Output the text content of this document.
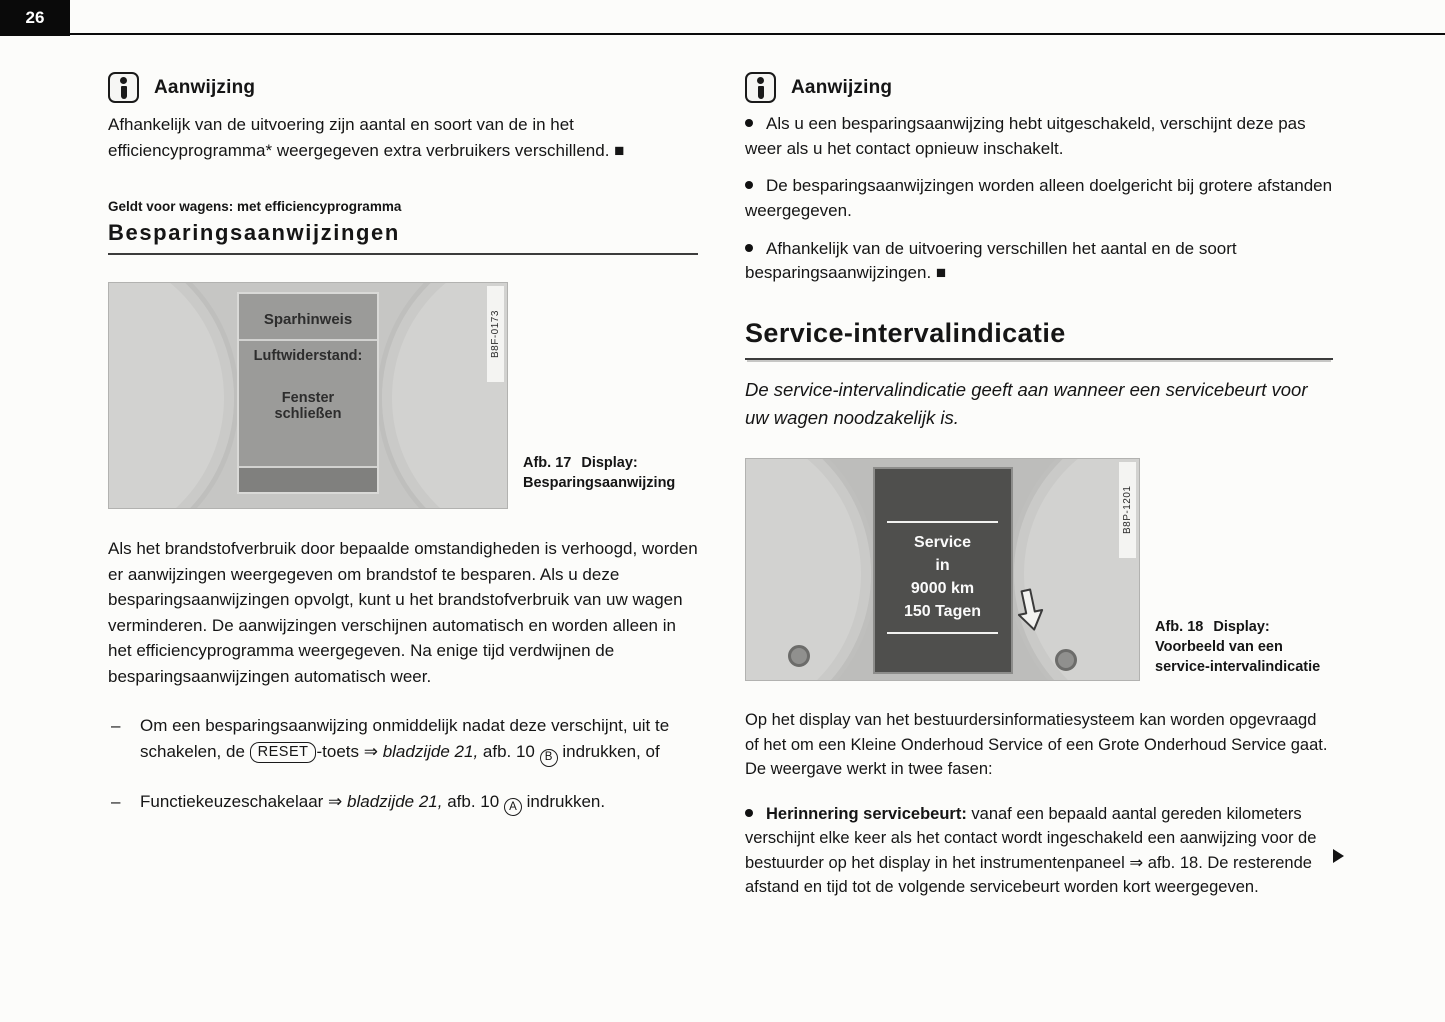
26
Aanwijzing

Afhankelijk van de uitvoering zijn aantal en soort van de in het efficiencyprogramma* weergegeven extra verbruikers verschillend. ■

Geldt voor wagens: met efficiencyprogramma

Besparingsaanwijzingen
Sparhinweis
Luftwiderstand:
Fenster
schließen
B8F-0173
Afb. 17 Display: Besparingsaanwijzing

Als het brandstofverbruik door bepaalde omstandigheden is verhoogd, worden er aanwijzingen weergegeven om brandstof te besparen. Als u deze besparingsaanwijzingen opvolgt, kunt u het brandstofverbruik van uw wagen verminderen. De aanwijzingen verschijnen automatisch en worden alleen in het efficiencyprogramma weergegeven. Na enige tijd verdwijnen de besparingsaanwijzingen automatisch weer.

– Om een besparingsaanwijzing onmiddelijk nadat deze verschijnt, uit te schakelen, de RESET -toets ⇒ bladzijde 21, afb. 10 B indrukken, of
– Functiekeuzeschakelaar ⇒ bladzijde 21, afb. 10 A indrukken.
Aanwijzing
Als u een besparingsaanwijzing hebt uitgeschakeld, verschijnt deze pas weer als u het contact opnieuw inschakelt.
De besparingsaanwijzingen worden alleen doelgericht bij grotere afstanden weergegeven.
Afhankelijk van de uitvoering verschillen het aantal en de soort besparingsaanwijzingen. ■
Service-intervalindicatie

De service-intervalindicatie geeft aan wanneer een servicebeurt voor uw wagen noodzakelijk is.

Service
in
9000 km
150 Tagen
B8P-1201
Afb. 18 Display: Voorbeeld van een service-intervalindicatie

Op het display van het bestuurdersinformatiesysteem kan worden opgevraagd of het om een Kleine Onderhoud Service of een Grote Onderhoud Service gaat. De weergave werkt in twee fasen:

Herinnering servicebeurt: vanaf een bepaald aantal gereden kilometers verschijnt elke keer als het contact wordt ingeschakeld een aanwijzing voor de bestuurder op het display in het instrumentenpaneel ⇒ afb. 18. De resterende afstand en tijd tot de volgende servicebeurt worden kort weergegeven.
